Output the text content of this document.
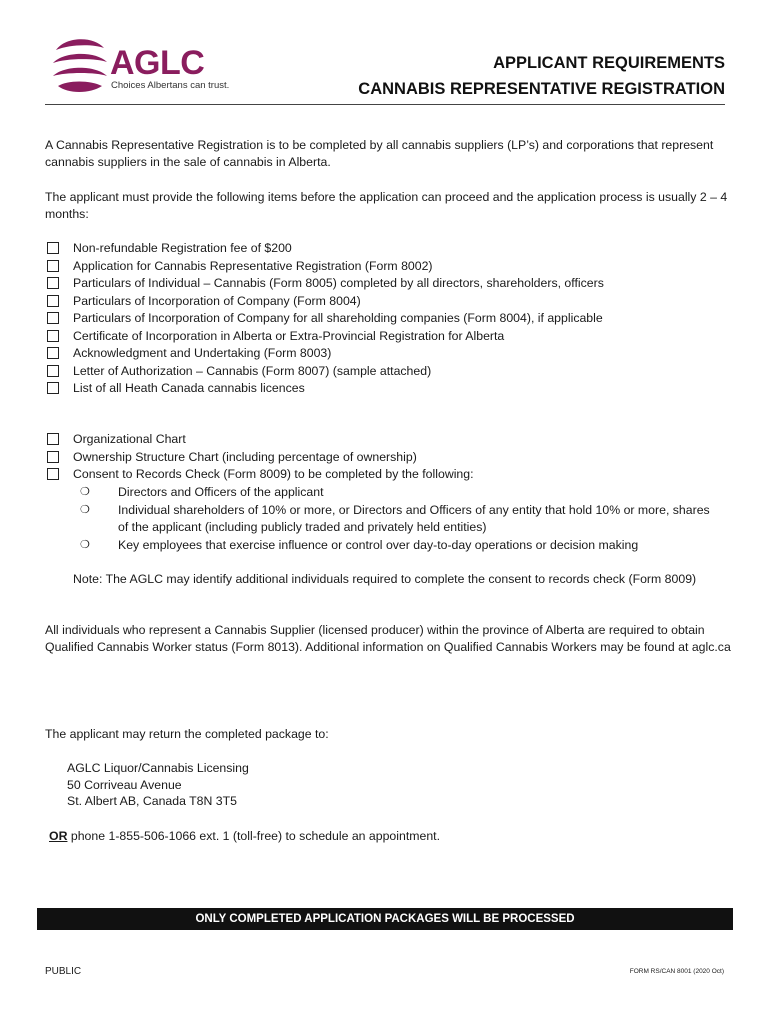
AGLC
Choices Albertans can trust.
APPLICANT REQUIREMENTS
CANNABIS REPRESENTATIVE REGISTRATION
A Cannabis Representative Registration is to be completed by all cannabis suppliers (LP’s) and corporations that represent cannabis suppliers in the sale of cannabis in Alberta.
The applicant must provide the following items before the application can proceed and the application process is usually 2 – 4 months:
Non-refundable Registration fee of $200
Application for Cannabis Representative Registration (Form 8002)
Particulars of Individual – Cannabis (Form 8005) completed by all directors, shareholders, officers
Particulars of Incorporation of Company (Form 8004)
Particulars of Incorporation of Company for all shareholding companies (Form 8004), if applicable
Certificate of Incorporation in Alberta or Extra-Provincial Registration for Alberta
Acknowledgment and Undertaking (Form 8003)
Letter of Authorization – Cannabis (Form 8007) (sample attached)
List of all Heath Canada cannabis licences
Organizational Chart
Ownership Structure Chart (including percentage of ownership)
Consent to Records Check (Form 8009) to be completed by the following:
❍ Directors and Officers of the applicant
❍ Individual shareholders of 10% or more, or Directors and Officers of any entity that hold 10% or more, shares of the applicant (including publicly traded and privately held entities)
❍ Key employees that exercise influence or control over day-to-day operations or decision making
Note: The AGLC may identify additional individuals required to complete the consent to records check (Form 8009)
All individuals who represent a Cannabis Supplier (licensed producer) within the province of Alberta are required to obtain Qualified Cannabis Worker status (Form 8013). Additional information on Qualified Cannabis Workers may be found at aglc.ca
The applicant may return the completed package to:
AGLC Liquor/Cannabis Licensing
50 Corriveau Avenue
St. Albert AB, Canada T8N 3T5
OR phone 1-855-506-1066 ext. 1 (toll-free) to schedule an appointment.
ONLY COMPLETED APPLICATION PACKAGES WILL BE PROCESSED
PUBLIC	FORM RS/CAN 8001 (2020 Oct)
